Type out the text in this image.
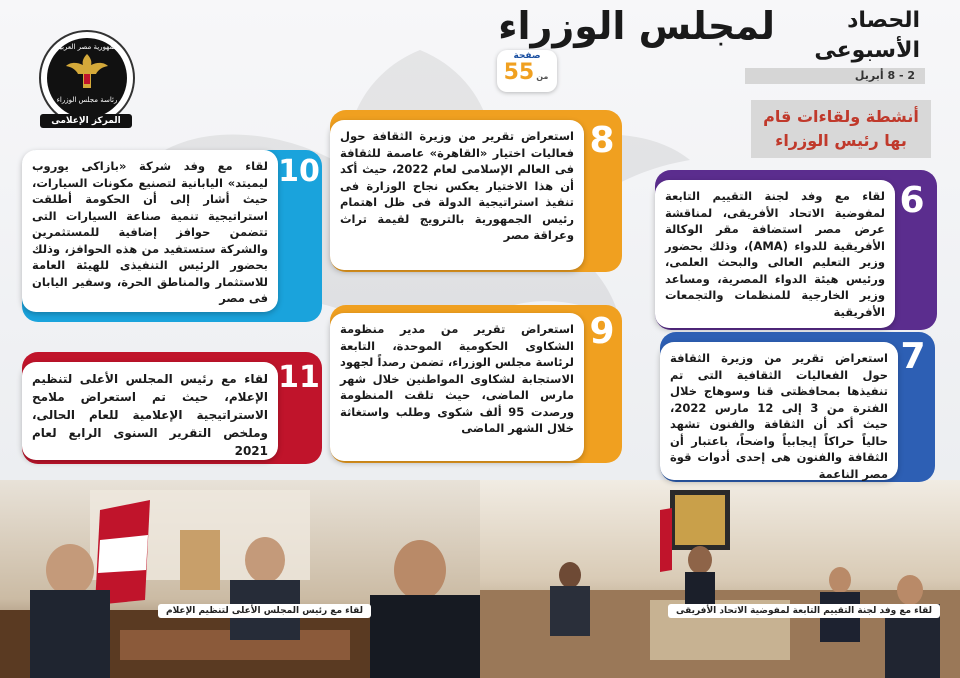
لقاء مع رئيس المجلس الأعلى لتنظيم الإعلام	لقاء مع وفد لجنة التقييم التابعة لمفوضية الاتحاد الأفريقى
لمجلس الوزراء	الحصاد
الأسبوعى
2 - 8 أبريل
صفحة
5 من5
أنشطة ولقاءات قام بها رئيس الوزراء
جمهورية مصر العربية
رئاسة مجلس الوزراء
المركز الإعلامى
6
لقاء مع وفد لجنة التقييم التابعة لمفوضية الاتحاد الأفريقى، لمناقشة عرض مصر استضافة مقر الوكالة الأفريقية للدواء (AMA)، وذلك بحضور وزير التعليم العالى والبحث العلمى، ورئيس هيئة الدواء المصرية، ومساعد وزير الخارجية للمنظمات والتجمعات الأفريقية
7
استعراض تقرير من وزيرة الثقافة حول الفعاليات الثقافية التى تم تنفيذها بمحافظتى قنا وسوهاج خلال الفترة من 3 إلى 12 مارس 2022، حيث أكد أن الثقافة والفنون تشهد حالياً حراكاً إيجابياً واضحاً، باعتبار أن الثقافة والفنون هى إحدى أدوات قوة مصر الناعمة
8
استعراض تقرير من وزيرة الثقافة حول فعاليات اختيار «القاهرة» عاصمة للثقافة فى العالم الإسلامى لعام 2022، حيث أكد أن هذا الاختيار يعكس نجاح الوزارة فى تنفيذ استراتيجية الدولة فى ظل اهتمام رئيس الجمهورية بالترويج لقيمة تراث وعراقة مصر
9
استعراض تقرير من مدير منظومة الشكاوى الحكومية الموحدة، التابعة لرئاسة مجلس الوزراء، تضمن رصداً لجهود الاستجابة لشكاوى المواطنين خلال شهر مارس الماضى، حيث تلقت المنظومة ورصدت 95 ألف شكوى وطلب واستغاثة خلال الشهر الماضى
10
لقاء مع وفد شركة «بازاكى يوروب ليميتد» اليابانية لتصنيع مكونات السيارات، حيث أشار إلى أن الحكومة أطلقت استراتيجية تنمية صناعة السيارات التى تتضمن حوافز إضافية للمستثمرين والشركة ستستفيد من هذه الحوافز، وذلك بحضور الرئيس التنفيذى للهيئة العامة للاستثمار والمناطق الحرة، وسفير اليابان فى مصر
11
لقاء مع رئيس المجلس الأعلى لتنظيم الإعلام، حيث تم استعراض ملامح الاستراتيجية الإعلامية للعام الحالى، وملخص التقرير السنوى الرابع لعام 2021
